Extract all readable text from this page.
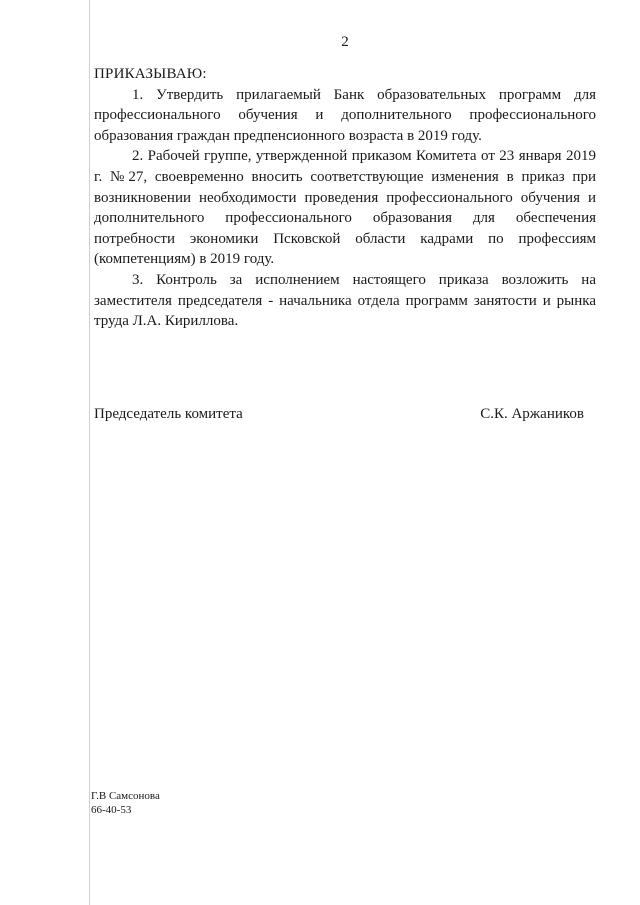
2

ПРИКАЗЫВАЮ:

1. Утвердить прилагаемый Банк образовательных программ для профессионального обучения и дополнительного профессионального образования граждан предпенсионного возраста в 2019 году.

2. Рабочей группе, утвержденной приказом Комитета от 23 января 2019 г. №27, своевременно вносить соответствующие изменения в приказ при возникновении необходимости проведения профессионального обучения и дополнительного профессионального образования для обеспечения потребности экономики Псковской области кадрами по профессиям (компетенциям) в 2019 году.

3. Контроль за исполнением настоящего приказа возложить на заместителя председателя - начальника отдела программ занятости и рынка труда Л.А. Кириллова.

Председатель комитета	С.К. Аржаников
Г.В Самсонова
66-40-53
